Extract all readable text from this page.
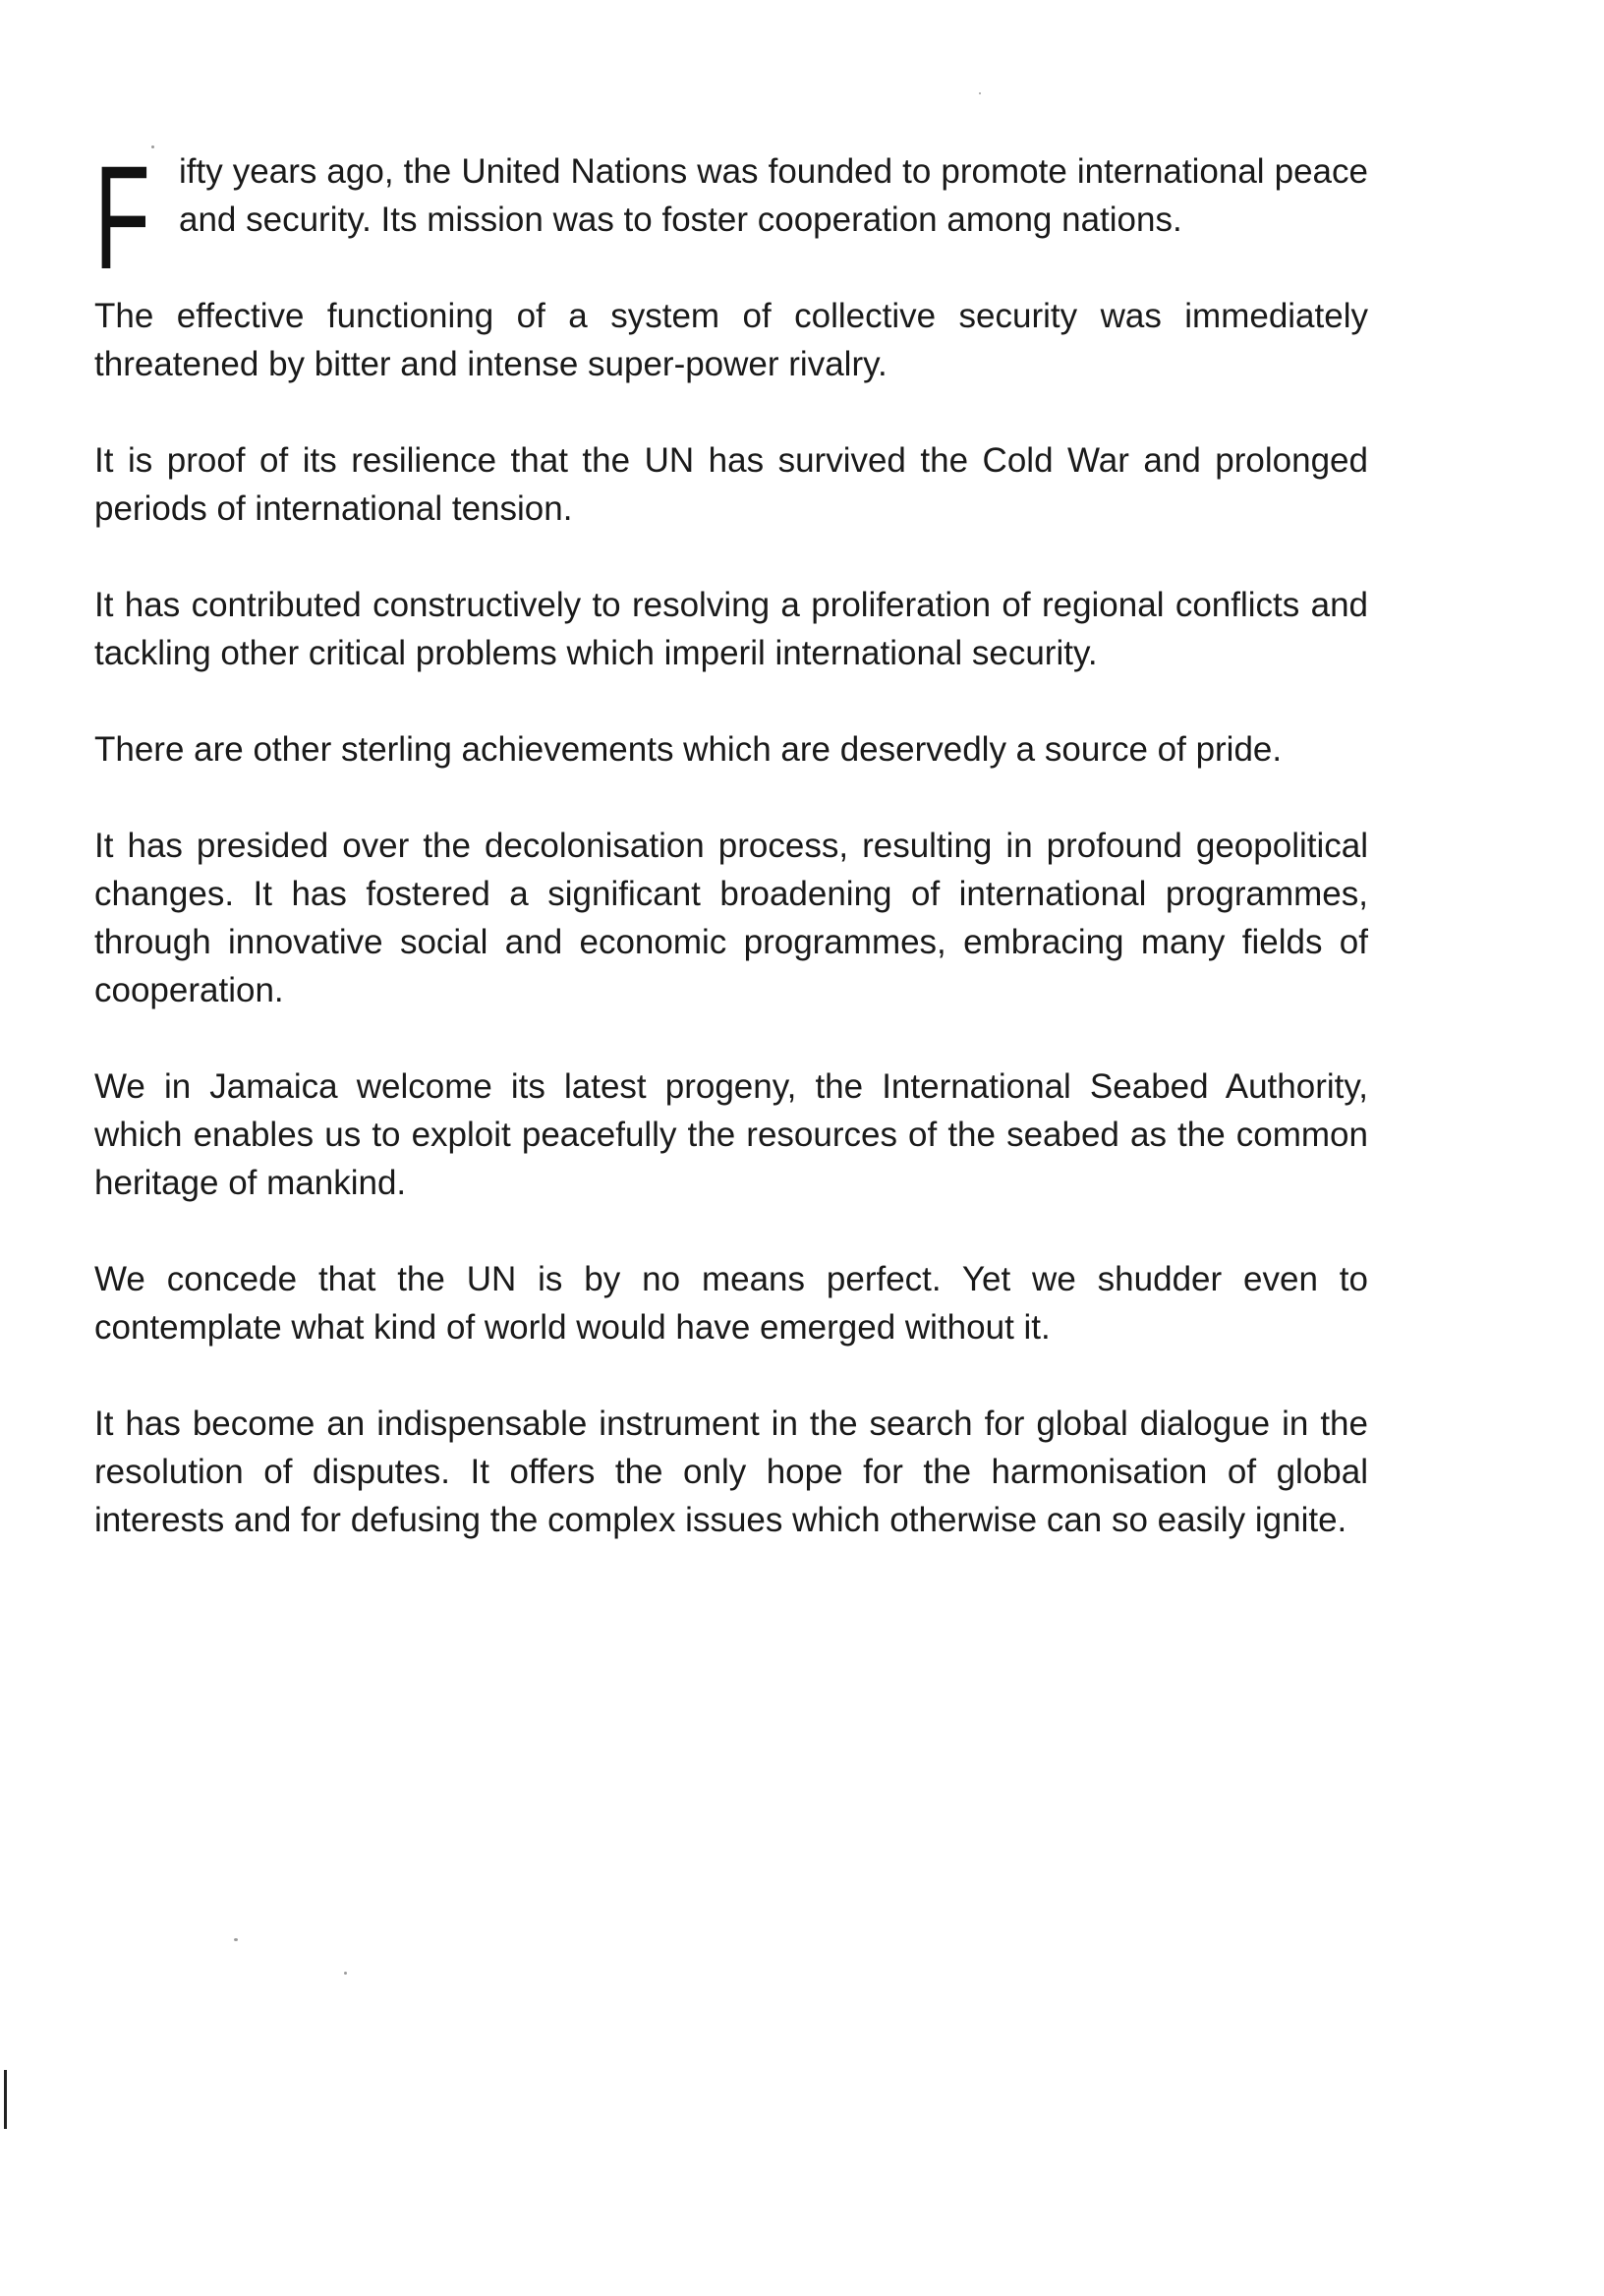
F ifty years ago, the United Nations was founded to promote international peace and security. Its mission was to foster cooperation among nations.

The effective functioning of a system of collective security was immediately threatened by bitter and intense super-power rivalry.

It is proof of its resilience that the UN has survived the Cold War and prolonged periods of international tension.

It has contributed constructively to resolving a proliferation of regional conflicts and tackling other critical problems which imperil international security.

There are other sterling achievements which are deservedly a source of pride.

It has presided over the decolonisation process, resulting in profound geopolitical changes. It has fostered a significant broadening of international programmes, through innovative social and economic programmes, embracing many fields of cooperation.

We in Jamaica welcome its latest progeny, the International Seabed Authority, which enables us to exploit peacefully the resources of the seabed as the common heritage of mankind.

We concede that the UN is by no means perfect. Yet we shudder even to contemplate what kind of world would have emerged without it.

It has become an indispensable instrument in the search for global dialogue in the resolution of disputes. It offers the only hope for the harmonisation of global interests and for defusing the complex issues which otherwise can so easily ignite.
